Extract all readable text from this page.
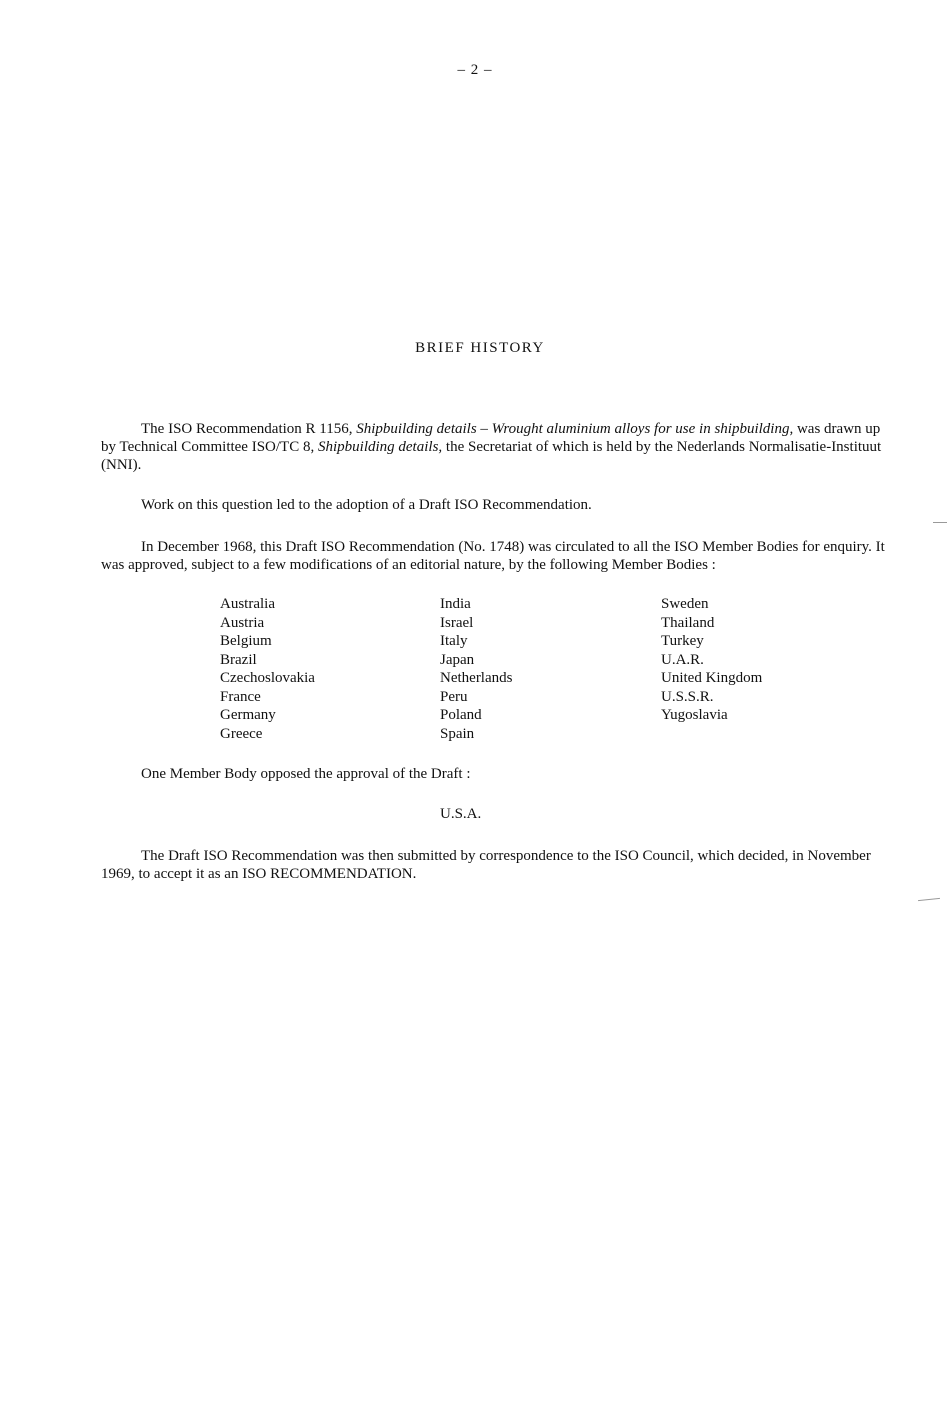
– 2 –
BRIEF HISTORY

The ISO Recommendation R 1156, Shipbuilding details – Wrought aluminium alloys for use in shipbuilding, was drawn up by Technical Committee ISO/TC 8, Shipbuilding details, the Secretariat of which is held by the Nederlands Normalisatie-Instituut (NNI).

Work on this question led to the adoption of a Draft ISO Recommendation.

In December 1968, this Draft ISO Recommendation (No. 1748) was circulated to all the ISO Member Bodies for enquiry. It was approved, subject to a few modifications of an editorial nature, by the following Member Bodies :

Australia
Austria
Belgium
Brazil
Czechoslovakia
France
Germany
Greece
India
Israel
Italy
Japan
Netherlands
Peru
Poland
Spain
Sweden
Thailand
Turkey
U.A.R.
United Kingdom
U.S.S.R.
Yugoslavia
One Member Body opposed the approval of the Draft :
U.S.A.

The Draft ISO Recommendation was then submitted by correspondence to the ISO Council, which decided, in November 1969, to accept it as an ISO RECOMMENDATION.
